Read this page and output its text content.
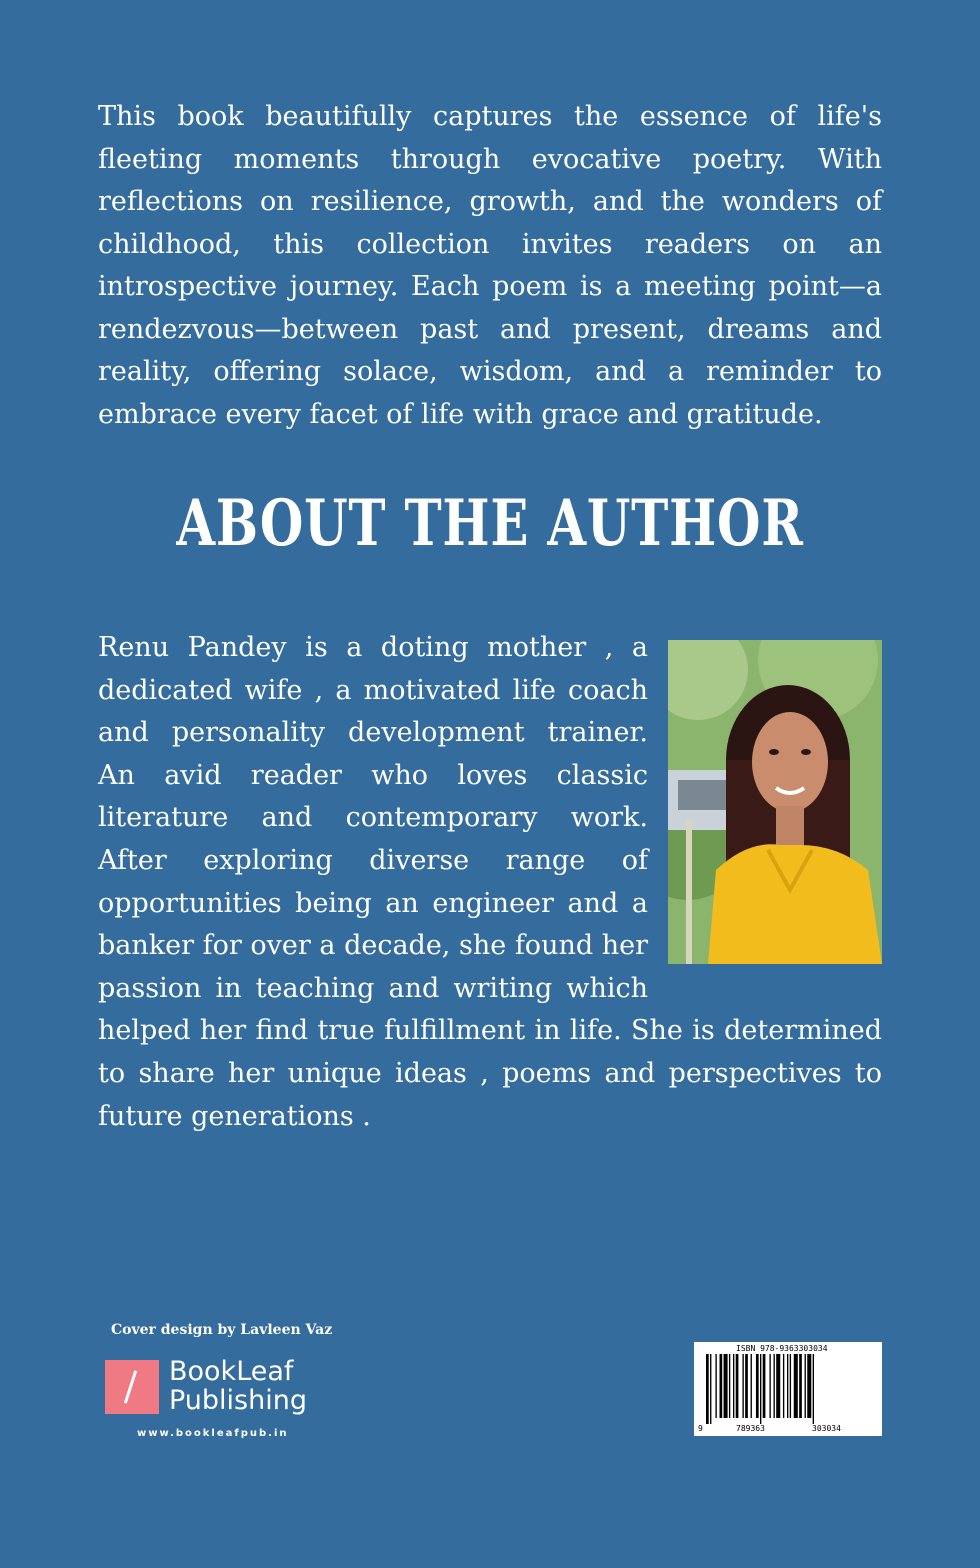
This book beautifully captures the essence of life's fleeting moments through evocative poetry. With reflections on resilience, growth, and the wonders of childhood, this collection invites readers on an introspective journey. Each poem is a meeting point—a rendezvous—between past and present, dreams and reality, offering solace, wisdom, and a reminder to embrace every facet of life with grace and gratitude.

ABOUT THE AUTHOR
Renu Pandey is a doting mother , a dedicated wife , a motivated life coach and personality development trainer. An avid reader who loves classic literature and contemporary work. After exploring diverse range of opportunities being an engineer and a banker for over a decade, she found her passion in teaching and writing which helped her find true fulfillment in life. She is determined to share her unique ideas , poems and perspectives to future generations .
Cover design by Lavleen Vaz
BookLeaf
Publishing
www.bookleafpub.in
ISBN 978-9363303034
9	789363	303034
